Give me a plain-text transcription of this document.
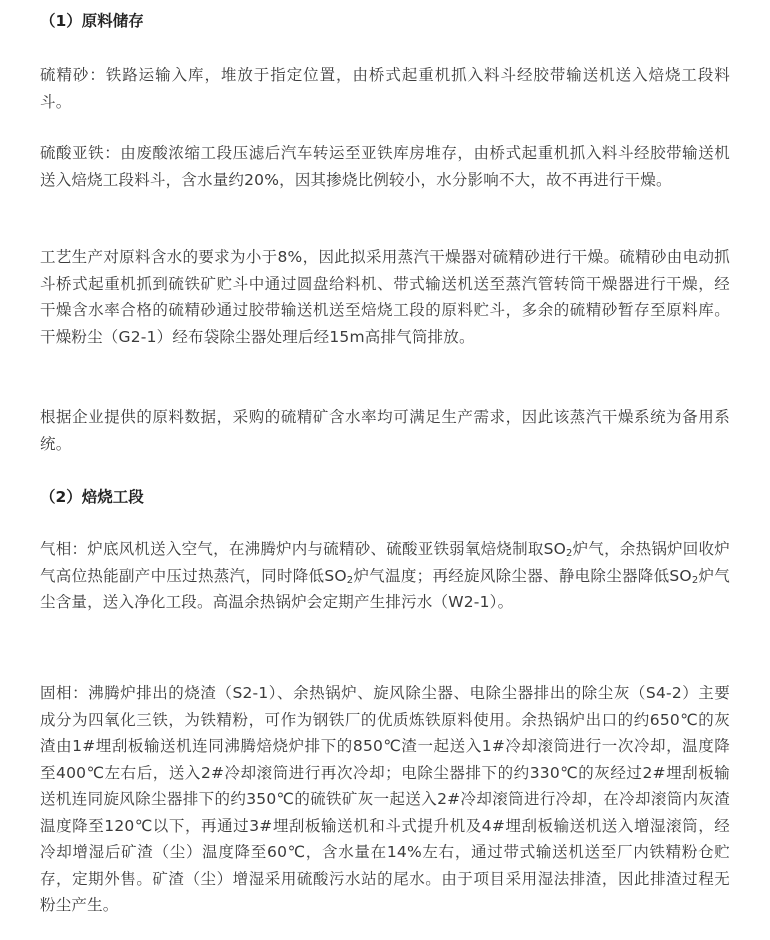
（1）原料储存

硫精砂：铁路运输入库，堆放于指定位置，由桥式起重机抓入料斗经胶带输送机送入焙烧工段料斗。

硫酸亚铁：由废酸浓缩工段压滤后汽车转运至亚铁库房堆存，由桥式起重机抓入料斗经胶带输送机送入焙烧工段料斗，含水量约20%，因其掺烧比例较小，水分影响不大，故不再进行干燥。

工艺生产对原料含水的要求为小于8%，因此拟采用蒸汽干燥器对硫精砂进行干燥。硫精砂由电动抓斗桥式起重机抓到硫铁矿贮斗中通过圆盘给料机、带式输送机送至蒸汽管转筒干燥器进行干燥，经干燥含水率合格的硫精砂通过胶带输送机送至焙烧工段的原料贮斗，多余的硫精砂暂存至原料库。干燥粉尘（G2-1）经布袋除尘器处理后经15m高排气筒排放。

根据企业提供的原料数据，采购的硫精矿含水率均可满足生产需求，因此该蒸汽干燥系统为备用系统。

（2）焙烧工段

气相：炉底风机送入空气，在沸腾炉内与硫精砂、硫酸亚铁弱氧焙烧制取$SO_2$炉气，余热锅炉回收炉气高位热能副产中压过热蒸汽，同时降低$SO_2$炉气温度；再经旋风除尘器、静电除尘器降低$SO_2$炉气尘含量，送入净化工段。高温余热锅炉会定期产生排污水（W2-1）。

固相：沸腾炉排出的烧渣（S2-1）、余热锅炉、旋风除尘器、电除尘器排出的除尘灰（S4-2）主要成分为四氧化三铁，为铁精粉，可作为钢铁厂的优质炼铁原料使用。余热锅炉出口的约650℃的灰渣由1#埋刮板输送机连同沸腾焙烧炉排下的850℃渣一起送入1#冷却滚筒进行一次冷却，温度降至400℃左右后，送入2#冷却滚筒进行再次冷却；电除尘器排下的约330℃的灰经过2#埋刮板输送机连同旋风除尘器排下的约350℃的硫铁矿灰一起送入2#冷却滚筒进行冷却，在冷却滚筒内灰渣温度降至120℃以下，再通过3#埋刮板输送机和斗式提升机及4#埋刮板输送机送入增湿滚筒，经冷却增湿后矿渣（尘）温度降至60℃，含水量在14%左右，通过带式输送机送至厂内铁精粉仓贮存，定期外售。矿渣（尘）增湿采用硫酸污水站的尾水。由于项目采用湿法排渣，因此排渣过程无粉尘产生。
